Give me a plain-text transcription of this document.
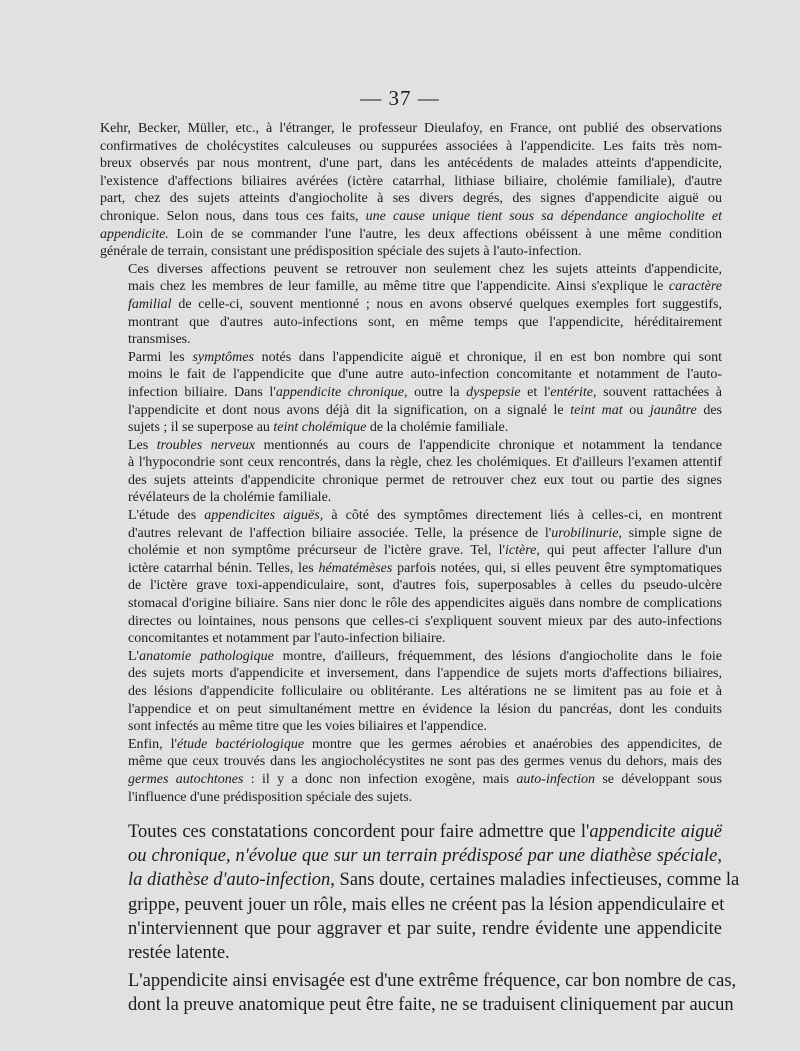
— 37 —

Kehr, Becker, Müller, etc., à l'étranger, le professeur Dieulafoy, en France, ont publié des observations
confirmatives de cholécystites calculeuses ou suppurées associées à l'appendicite. Les faits très nom-
breux observés par nous montrent, d'une part, dans les antécédents de malades atteints d'appendicite,
l'existence d'affections biliaires avérées (ictère catarrhal, lithiase biliaire, cholémie familiale), d'autre
part, chez des sujets atteints d'angiocholite à ses divers degrés, des signes d'appendicite aiguë ou
chronique. Selon nous, dans tous ces faits, une cause unique tient sous sa dépendance angiocholite et
appendicite. Loin de se commander l'une l'autre, les deux affections obéissent à une même condition
générale de terrain, consistant une prédisposition spéciale des sujets à l'auto-infection.

Ces diverses affections peuvent se retrouver non seulement chez les sujets atteints d'appendicite,
mais chez les membres de leur famille, au même titre que l'appendicite. Ainsi s'explique le caractère
familial de celle-ci, souvent mentionné ; nous en avons observé quelques exemples fort suggestifs,
montrant que d'autres auto-infections sont, en même temps que l'appendicite, héréditairement
transmises.

Parmi les symptômes notés dans l'appendicite aiguë et chronique, il en est bon nombre qui sont
moins le fait de l'appendicite que d'une autre auto-infection concomitante et notamment de l'auto-
infection biliaire. Dans l'appendicite chronique, outre la dyspepsie et l'entérite, souvent rattachées à
l'appendicite et dont nous avons déjà dit la signification, on a signalé le teint mat ou jaunâtre des
sujets ; il se superpose au teint cholémique de la cholémie familiale.

Les troubles nerveux mentionnés au cours de l'appendicite chronique et notamment la tendance
à l'hypocondrie sont ceux rencontrés, dans la règle, chez les cholémiques. Et d'ailleurs l'examen attentif
des sujets atteints d'appendicite chronique permet de retrouver chez eux tout ou partie des signes
révélateurs de la cholémie familiale.

L'étude des appendicites aiguës, à côté des symptômes directement liés à celles-ci, en montrent
d'autres relevant de l'affection biliaire associée. Telle, la présence de l'urobilinurie, simple signe de
cholémie et non symptôme précurseur de l'ictère grave. Tel, l'ictère, qui peut affecter l'allure d'un
ictère catarrhal bénin. Telles, les hématémèses parfois notées, qui, si elles peuvent être symptomatiques
de l'ictère grave toxi-appendiculaire, sont, d'autres fois, superposables à celles du pseudo-ulcère
stomacal d'origine biliaire. Sans nier donc le rôle des appendicites aiguës dans nombre de complications
directes ou lointaines, nous pensons que celles-ci s'expliquent souvent mieux par des auto-infections
concomitantes et notamment par l'auto-infection biliaire.

L'anatomie pathologique montre, d'ailleurs, fréquemment, des lésions d'angiocholite dans le foie
des sujets morts d'appendicite et inversement, dans l'appendice de sujets morts d'affections biliaires,
des lésions d'appendicite folliculaire ou oblitérante. Les altérations ne se limitent pas au foie et à
l'appendice et on peut simultanément mettre en évidence la lésion du pancréas, dont les conduits
sont infectés au même titre que les voies biliaires et l'appendice.

Enfin, l'étude bactériologique montre que les germes aérobies et anaérobies des appendicites, de
même que ceux trouvés dans les angiocholécystites ne sont pas des germes venus du dehors, mais des
germes autochtones : il y a donc non infection exogène, mais auto-infection se développant sous
l'influence d'une prédisposition spéciale des sujets.

Toutes ces constatations concordent pour faire admettre que l'appendicite aiguë
ou chronique, n'évolue que sur un terrain prédisposé par une diathèse spéciale,
la diathèse d'auto-infection, Sans doute, certaines maladies infectieuses, comme la
grippe, peuvent jouer un rôle, mais elles ne créent pas la lésion appendiculaire et
n'interviennent que pour aggraver et par suite, rendre évidente une appendicite
restée latente.

L'appendicite ainsi envisagée est d'une extrême fréquence, car bon nombre de cas,
dont la preuve anatomique peut être faite, ne se traduisent cliniquement par aucun
